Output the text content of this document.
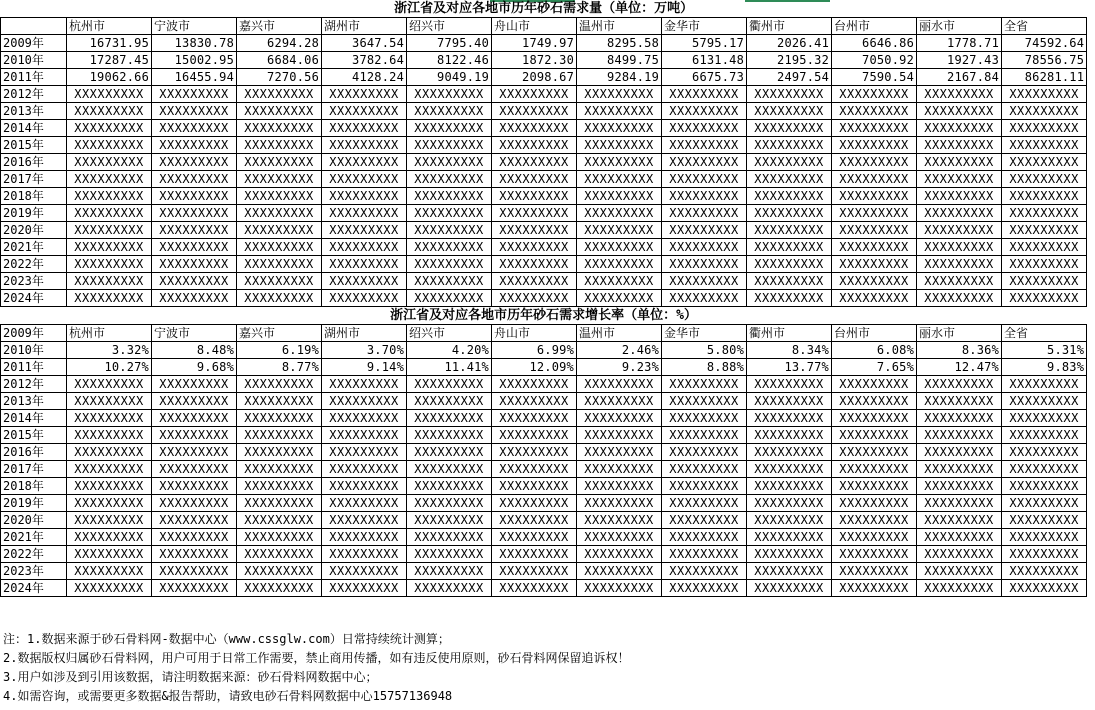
浙江省及对应各地市历年砂石需求量（单位：万吨）												
	杭州市	宁波市	嘉兴市	湖州市	绍兴市	舟山市	温州市	金华市	衢州市	台州市	丽水市	全省
2009年	16731.95	13830.78	6294.28	3647.54	7795.40	1749.97	8295.58	5795.17	2026.41	6646.86	1778.71	74592.64
2010年	17287.45	15002.95	6684.06	3782.64	8122.46	1872.30	8499.75	6131.48	2195.32	7050.92	1927.43	78556.75
2011年	19062.66	16455.94	7270.56	4128.24	9049.19	2098.67	9284.19	6675.73	2497.54	7590.54	2167.84	86281.11
2012年	XXXXXXXXX	XXXXXXXXX	XXXXXXXXX	XXXXXXXXX	XXXXXXXXX	XXXXXXXXX	XXXXXXXXX	XXXXXXXXX	XXXXXXXXX	XXXXXXXXX	XXXXXXXXX	XXXXXXXXX
2013年	XXXXXXXXX	XXXXXXXXX	XXXXXXXXX	XXXXXXXXX	XXXXXXXXX	XXXXXXXXX	XXXXXXXXX	XXXXXXXXX	XXXXXXXXX	XXXXXXXXX	XXXXXXXXX	XXXXXXXXX
2014年	XXXXXXXXX	XXXXXXXXX	XXXXXXXXX	XXXXXXXXX	XXXXXXXXX	XXXXXXXXX	XXXXXXXXX	XXXXXXXXX	XXXXXXXXX	XXXXXXXXX	XXXXXXXXX	XXXXXXXXX
2015年	XXXXXXXXX	XXXXXXXXX	XXXXXXXXX	XXXXXXXXX	XXXXXXXXX	XXXXXXXXX	XXXXXXXXX	XXXXXXXXX	XXXXXXXXX	XXXXXXXXX	XXXXXXXXX	XXXXXXXXX
2016年	XXXXXXXXX	XXXXXXXXX	XXXXXXXXX	XXXXXXXXX	XXXXXXXXX	XXXXXXXXX	XXXXXXXXX	XXXXXXXXX	XXXXXXXXX	XXXXXXXXX	XXXXXXXXX	XXXXXXXXX
2017年	XXXXXXXXX	XXXXXXXXX	XXXXXXXXX	XXXXXXXXX	XXXXXXXXX	XXXXXXXXX	XXXXXXXXX	XXXXXXXXX	XXXXXXXXX	XXXXXXXXX	XXXXXXXXX	XXXXXXXXX
2018年	XXXXXXXXX	XXXXXXXXX	XXXXXXXXX	XXXXXXXXX	XXXXXXXXX	XXXXXXXXX	XXXXXXXXX	XXXXXXXXX	XXXXXXXXX	XXXXXXXXX	XXXXXXXXX	XXXXXXXXX
2019年	XXXXXXXXX	XXXXXXXXX	XXXXXXXXX	XXXXXXXXX	XXXXXXXXX	XXXXXXXXX	XXXXXXXXX	XXXXXXXXX	XXXXXXXXX	XXXXXXXXX	XXXXXXXXX	XXXXXXXXX
2020年	XXXXXXXXX	XXXXXXXXX	XXXXXXXXX	XXXXXXXXX	XXXXXXXXX	XXXXXXXXX	XXXXXXXXX	XXXXXXXXX	XXXXXXXXX	XXXXXXXXX	XXXXXXXXX	XXXXXXXXX
2021年	XXXXXXXXX	XXXXXXXXX	XXXXXXXXX	XXXXXXXXX	XXXXXXXXX	XXXXXXXXX	XXXXXXXXX	XXXXXXXXX	XXXXXXXXX	XXXXXXXXX	XXXXXXXXX	XXXXXXXXX
2022年	XXXXXXXXX	XXXXXXXXX	XXXXXXXXX	XXXXXXXXX	XXXXXXXXX	XXXXXXXXX	XXXXXXXXX	XXXXXXXXX	XXXXXXXXX	XXXXXXXXX	XXXXXXXXX	XXXXXXXXX
2023年	XXXXXXXXX	XXXXXXXXX	XXXXXXXXX	XXXXXXXXX	XXXXXXXXX	XXXXXXXXX	XXXXXXXXX	XXXXXXXXX	XXXXXXXXX	XXXXXXXXX	XXXXXXXXX	XXXXXXXXX
2024年	XXXXXXXXX	XXXXXXXXX	XXXXXXXXX	XXXXXXXXX	XXXXXXXXX	XXXXXXXXX	XXXXXXXXX	XXXXXXXXX	XXXXXXXXX	XXXXXXXXX	XXXXXXXXX	XXXXXXXXX
浙江省及对应各地市历年砂石需求增长率（单位：%）												
2009年	杭州市	宁波市	嘉兴市	湖州市	绍兴市	舟山市	温州市	金华市	衢州市	台州市	丽水市	全省
2010年	3.32%	8.48%	6.19%	3.70%	4.20%	6.99%	2.46%	5.80%	8.34%	6.08%	8.36%	5.31%
2011年	10.27%	9.68%	8.77%	9.14%	11.41%	12.09%	9.23%	8.88%	13.77%	7.65%	12.47%	9.83%
2012年	XXXXXXXXX	XXXXXXXXX	XXXXXXXXX	XXXXXXXXX	XXXXXXXXX	XXXXXXXXX	XXXXXXXXX	XXXXXXXXX	XXXXXXXXX	XXXXXXXXX	XXXXXXXXX	XXXXXXXXX
2013年	XXXXXXXXX	XXXXXXXXX	XXXXXXXXX	XXXXXXXXX	XXXXXXXXX	XXXXXXXXX	XXXXXXXXX	XXXXXXXXX	XXXXXXXXX	XXXXXXXXX	XXXXXXXXX	XXXXXXXXX
2014年	XXXXXXXXX	XXXXXXXXX	XXXXXXXXX	XXXXXXXXX	XXXXXXXXX	XXXXXXXXX	XXXXXXXXX	XXXXXXXXX	XXXXXXXXX	XXXXXXXXX	XXXXXXXXX	XXXXXXXXX
2015年	XXXXXXXXX	XXXXXXXXX	XXXXXXXXX	XXXXXXXXX	XXXXXXXXX	XXXXXXXXX	XXXXXXXXX	XXXXXXXXX	XXXXXXXXX	XXXXXXXXX	XXXXXXXXX	XXXXXXXXX
2016年	XXXXXXXXX	XXXXXXXXX	XXXXXXXXX	XXXXXXXXX	XXXXXXXXX	XXXXXXXXX	XXXXXXXXX	XXXXXXXXX	XXXXXXXXX	XXXXXXXXX	XXXXXXXXX	XXXXXXXXX
2017年	XXXXXXXXX	XXXXXXXXX	XXXXXXXXX	XXXXXXXXX	XXXXXXXXX	XXXXXXXXX	XXXXXXXXX	XXXXXXXXX	XXXXXXXXX	XXXXXXXXX	XXXXXXXXX	XXXXXXXXX
2018年	XXXXXXXXX	XXXXXXXXX	XXXXXXXXX	XXXXXXXXX	XXXXXXXXX	XXXXXXXXX	XXXXXXXXX	XXXXXXXXX	XXXXXXXXX	XXXXXXXXX	XXXXXXXXX	XXXXXXXXX
2019年	XXXXXXXXX	XXXXXXXXX	XXXXXXXXX	XXXXXXXXX	XXXXXXXXX	XXXXXXXXX	XXXXXXXXX	XXXXXXXXX	XXXXXXXXX	XXXXXXXXX	XXXXXXXXX	XXXXXXXXX
2020年	XXXXXXXXX	XXXXXXXXX	XXXXXXXXX	XXXXXXXXX	XXXXXXXXX	XXXXXXXXX	XXXXXXXXX	XXXXXXXXX	XXXXXXXXX	XXXXXXXXX	XXXXXXXXX	XXXXXXXXX
2021年	XXXXXXXXX	XXXXXXXXX	XXXXXXXXX	XXXXXXXXX	XXXXXXXXX	XXXXXXXXX	XXXXXXXXX	XXXXXXXXX	XXXXXXXXX	XXXXXXXXX	XXXXXXXXX	XXXXXXXXX
2022年	XXXXXXXXX	XXXXXXXXX	XXXXXXXXX	XXXXXXXXX	XXXXXXXXX	XXXXXXXXX	XXXXXXXXX	XXXXXXXXX	XXXXXXXXX	XXXXXXXXX	XXXXXXXXX	XXXXXXXXX
2023年	XXXXXXXXX	XXXXXXXXX	XXXXXXXXX	XXXXXXXXX	XXXXXXXXX	XXXXXXXXX	XXXXXXXXX	XXXXXXXXX	XXXXXXXXX	XXXXXXXXX	XXXXXXXXX	XXXXXXXXX
2024年	XXXXXXXXX	XXXXXXXXX	XXXXXXXXX	XXXXXXXXX	XXXXXXXXX	XXXXXXXXX	XXXXXXXXX	XXXXXXXXX	XXXXXXXXX	XXXXXXXXX	XXXXXXXXX	XXXXXXXXX
注：1.数据来源于砂石骨料网-数据中心（www.cssglw.com）日常持续统计测算；
2.数据版权归属砂石骨料网，用户可用于日常工作需要，禁止商用传播，如有违反使用原则，砂石骨料网保留追诉权！
3.用户如涉及到引用该数据，请注明数据来源：砂石骨料网数据中心；
4.如需咨询，或需要更多数据&报告帮助，请致电砂石骨料网数据中心15757136948
